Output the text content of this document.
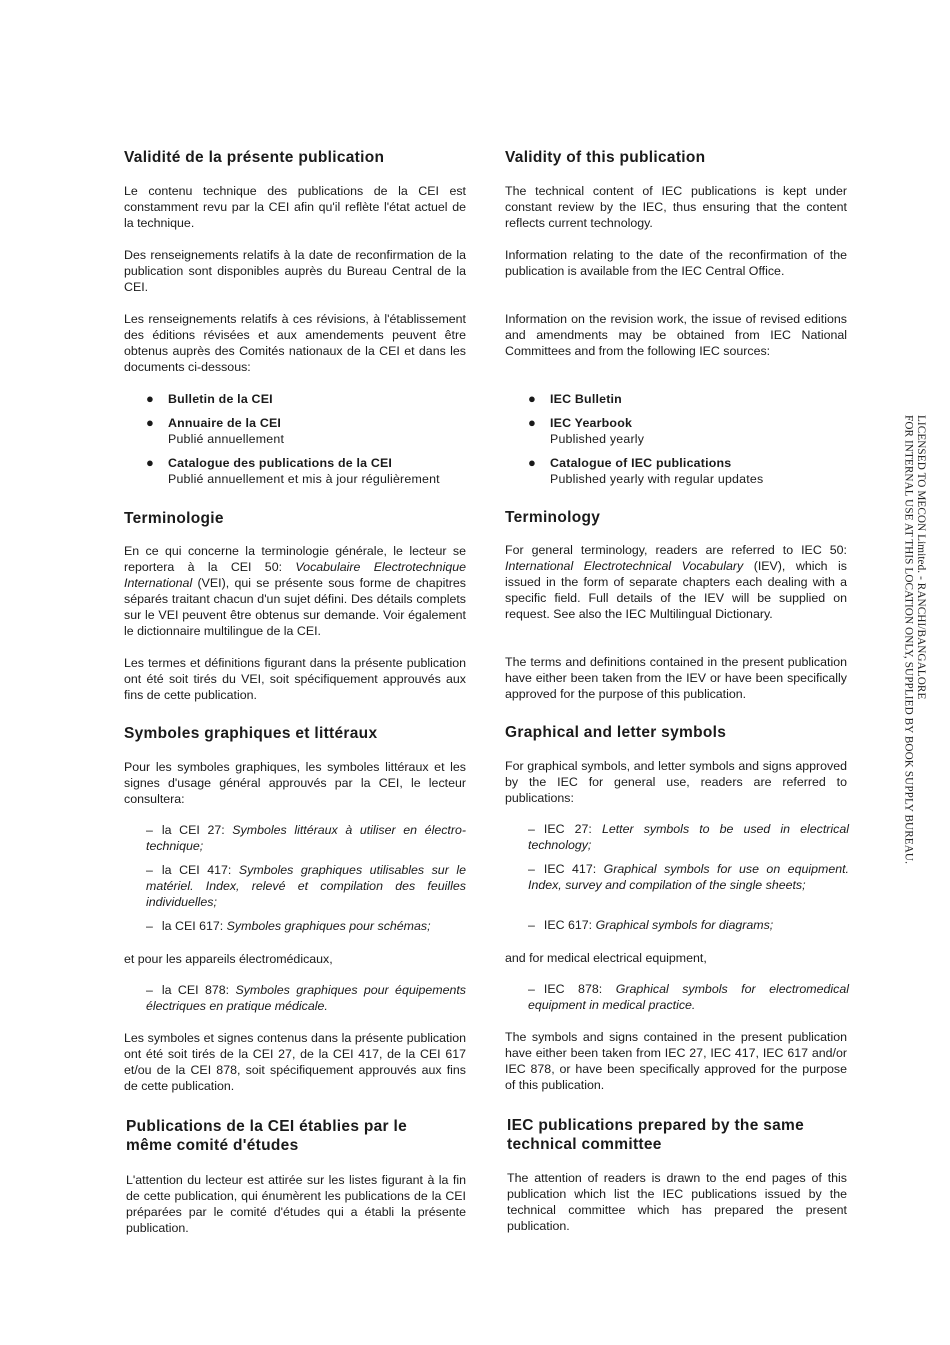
Validité de la présente publication

Le contenu technique des publications de la CEI est constamment revu par la CEI afin qu'il reflète l'état actuel de la technique.

Des renseignements relatifs à la date de reconfirmation de la publication sont disponibles auprès du Bureau Central de la CEI.

Les renseignements relatifs à ces révisions, à l'établissement des éditions révisées et aux amendements peuvent être obtenus auprès des Comités nationaux de la CEI et dans les documents ci-dessous:

● Bulletin de la CEI
● Annuaire de la CEI
Publié annuellement
● Catalogue des publications de la CEI
Publié annuellement et mis à jour régulièrement
Terminologie

En ce qui concerne la terminologie générale, le lecteur se reportera à la CEI 50: Vocabulaire Electrotechnique International (VEI), qui se présente sous forme de chapitres séparés traitant chacun d'un sujet défini. Des détails complets sur le VEI peuvent être obtenus sur demande. Voir également le dictionnaire multilingue de la CEI.

Les termes et définitions figurant dans la présente publication ont été soit tirés du VEI, soit spécifiquement approuvés aux fins de cette publication.

Symboles graphiques et littéraux

Pour les symboles graphiques, les symboles littéraux et les signes d'usage général approuvés par la CEI, le lecteur consultera:

– la CEI 27: Symboles littéraux à utiliser en électro-technique;
– la CEI 417: Symboles graphiques utilisables sur le matériel. Index, relevé et compilation des feuilles individuelles;
– la CEI 617: Symboles graphiques pour schémas;

et pour les appareils électromédicaux,

– la CEI 878: Symboles graphiques pour équipements électriques en pratique médicale.

Les symboles et signes contenus dans la présente publication ont été soit tirés de la CEI 27, de la CEI 417, de la CEI 617 et/ou de la CEI 878, soit spécifiquement approuvés aux fins de cette publication.

Publications de la CEI établies par le
même comité d'études

L'attention du lecteur est attirée sur les listes figurant à la fin de cette publication, qui énumèrent les publications de la CEI préparées par le comité d'études qui a établi la présente publication.

Validity of this publication

The technical content of IEC publications is kept under constant review by the IEC, thus ensuring that the content reflects current technology.

Information relating to the date of the reconfirmation of the publication is available from the IEC Central Office.

Information on the revision work, the issue of revised editions and amendments may be obtained from IEC National Committees and from the following IEC sources:

● IEC Bulletin
● IEC Yearbook
Published yearly
● Catalogue of IEC publications
Published yearly with regular updates
Terminology

For general terminology, readers are referred to IEC 50: International Electrotechnical Vocabulary (IEV), which is issued in the form of separate chapters each dealing with a specific field. Full details of the IEV will be supplied on request. See also the IEC Multilingual Dictionary.

The terms and definitions contained in the present publication have either been taken from the IEV or have been specifically approved for the purpose of this publication.

Graphical and letter symbols

For graphical symbols, and letter symbols and signs approved by the IEC for general use, readers are referred to publications:

– IEC 27: Letter symbols to be used in electrical technology;
– IEC 417: Graphical symbols for use on equipment. Index, survey and compilation of the single sheets;
– IEC 617: Graphical symbols for diagrams;

and for medical electrical equipment,

– IEC 878: Graphical symbols for electromedical equipment in medical practice.

The symbols and signs contained in the present publication have either been taken from IEC 27, IEC 417, IEC 617 and/or IEC 878, or have been specifically approved for the purpose of this publication.

IEC publications prepared by the same
technical committee

The attention of readers is drawn to the end pages of this publication which list the IEC publications issued by the technical committee which has prepared the present publication.

LICENSED TO MECON Limited. - RANCHI/BANGALORE
FOR INTERNAL USE AT THIS LOCATION ONLY, SUPPLIED BY BOOK SUPPLY BUREAU.
